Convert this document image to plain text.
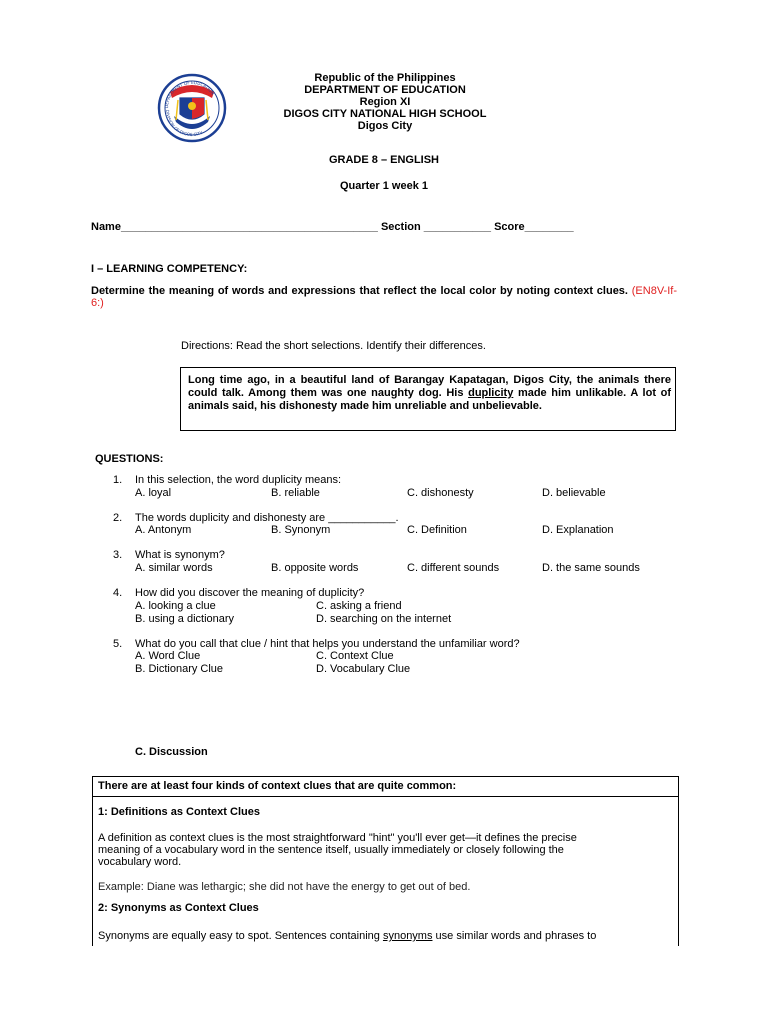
DEPARTMENT OF EDUCATION
DIVISION OF DIGOS CITY
Republic of the Philippines
DEPARTMENT OF EDUCATION
Region XI
DIGOS CITY NATIONAL HIGH SCHOOL
Digos City
GRADE 8 – ENGLISH
Quarter 1 week 1
Name__________________________________________ Section ___________ Score________
I – LEARNING COMPETENCY:
Determine the meaning of words and expressions that reflect the local color by noting context clues. (EN8V-If-6:)
Directions: Read the short selections. Identify their differences.
Long time ago, in a beautiful land of Barangay Kapatagan, Digos City, the animals there could talk. Among them was one naughty dog. His duplicity made him unlikable. A lot of animals said, his dishonesty made him unreliable and unbelievable.
QUESTIONS:
1. In this selection, the word duplicity means:
A. loyal	B. reliable	C. dishonesty	D. believable
2. The words duplicity and dishonesty are ___________.
A. Antonym	B. Synonym	C. Definition	D. Explanation
3. What is synonym?
A. similar words	B. opposite words	C. different sounds	D. the same sounds
4. How did you discover the meaning of duplicity?
A. looking a clue	C. asking a friend
B. using a dictionary	D. searching on the internet
5. What do you call that clue / hint that helps you understand the unfamiliar word?
A. Word Clue	C. Context Clue
B. Dictionary Clue	D. Vocabulary Clue
C. Discussion
There are at least four kinds of context clues that are quite common:
1: Definitions as Context Clues
A definition as context clues is the most straightforward "hint" you'll ever get—it defines the precise
meaning of a vocabulary word in the sentence itself, usually immediately or closely following the
vocabulary word.
Example: Diane was lethargic; she did not have the energy to get out of bed.
2: Synonyms as Context Clues
Synonyms are equally easy to spot. Sentences containing synonyms use similar words and phrases to
